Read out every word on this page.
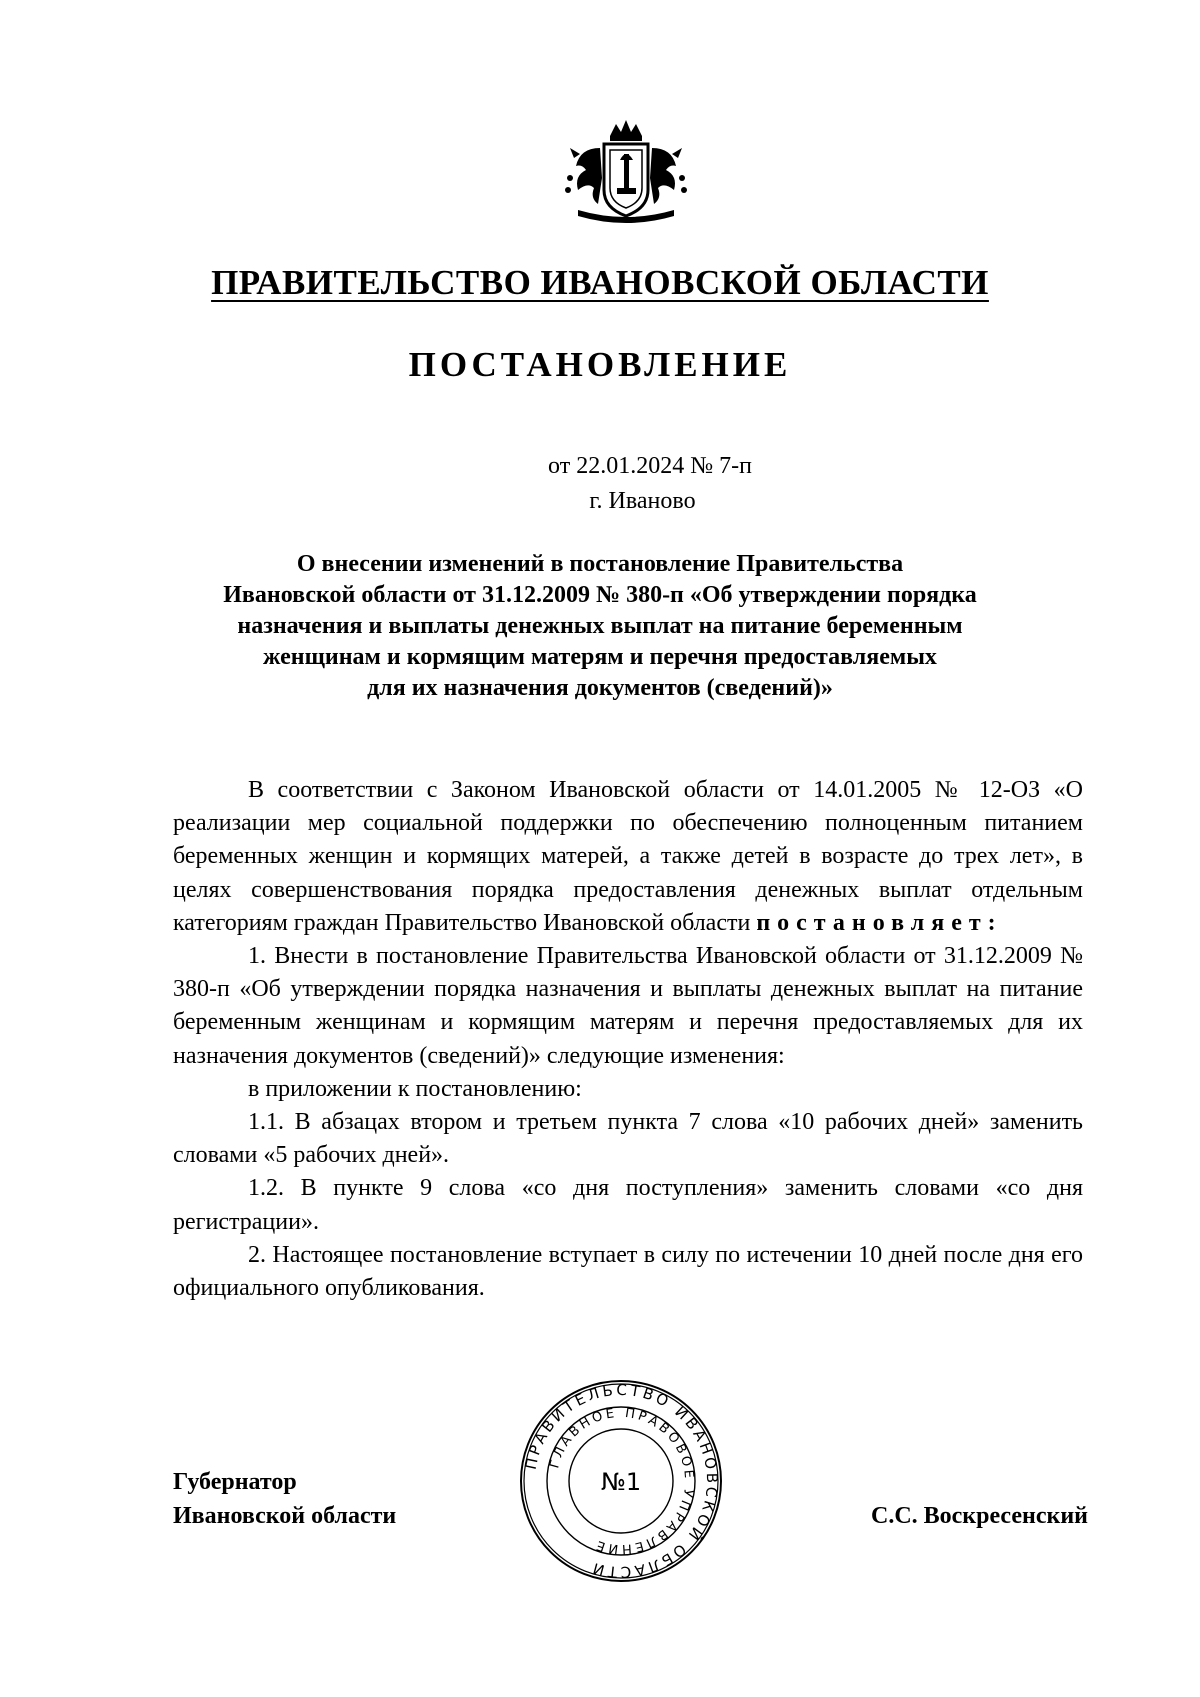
ПРАВИТЕЛЬСТВО ИВАНОВСКОЙ ОБЛАСТИ
ПОСТАНОВЛЕНИЕ
от 22.01.2024 № 7-п
г. Иваново
О внесении изменений в постановление Правительства
Ивановской области от 31.12.2009 № 380-п «Об утверждении порядка
назначения и выплаты денежных выплат на питание беременным
женщинам и кормящим матерям и перечня предоставляемых
для их назначения документов (сведений)»

В соответствии с Законом Ивановской области от 14.01.2005 № 12-ОЗ «О реализации мер социальной поддержки по обеспечению полноценным питанием беременных женщин и кормящих матерей, а также детей в возрасте до трех лет», в целях совершенствования порядка предоставления денежных выплат отдельным категориям граждан Правительство Ивановской области постановляет:

1. Внести в постановление Правительства Ивановской области от 31.12.2009 № 380-п «Об утверждении порядка назначения и выплаты денежных выплат на питание беременным женщинам и кормящим матерям и перечня предоставляемых для их назначения документов (сведений)» следующие изменения:

в приложении к постановлению:

1.1. В абзацах втором и третьем пункта 7 слова «10 рабочих дней» заменить словами «5 рабочих дней».

1.2. В пункте 9 слова «со дня поступления» заменить словами «со дня регистрации».

2. Настоящее постановление вступает в силу по истечении 10 дней после дня его официального опубликования.

Губернатор
Ивановской области
ПРАВИТЕЛЬСТВО ИВАНОВСКОЙ ОБЛАСТИ
ГЛАВНОЕ ПРАВОВОЕ УПРАВЛЕНИЕ
№1
С.С. Воскресенский
